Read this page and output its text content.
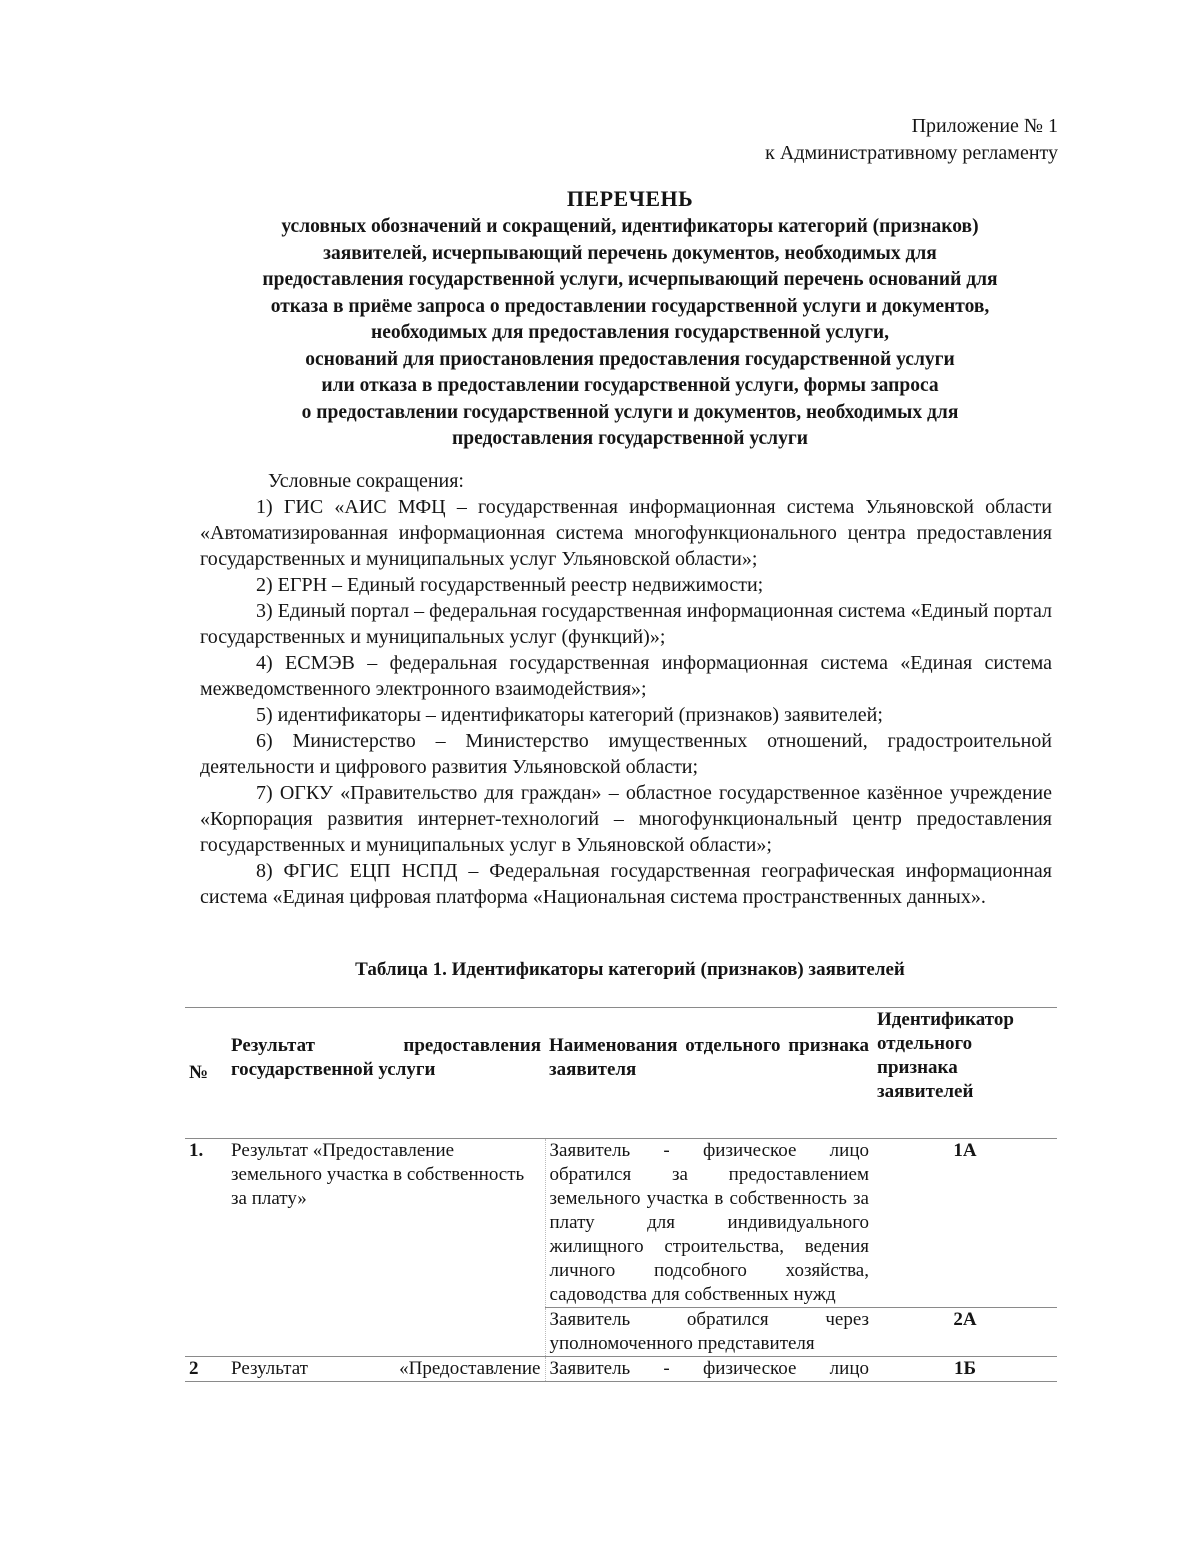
Приложение № 1
к Административному регламенту
ПЕРЕЧЕНЬ
условных обозначений и сокращений, идентификаторы категорий (признаков)
заявителей, исчерпывающий перечень документов, необходимых для
предоставления государственной услуги, исчерпывающий перечень оснований для
отказа в приёме запроса о предоставлении государственной услуги и документов,
необходимых для предоставления государственной услуги,
оснований для приостановления предоставления государственной услуги
или отказа в предоставлении государственной услуги, формы запроса
о предоставлении государственной услуги и документов, необходимых для
предоставления государственной услуги
Условные сокращения:
1) ГИС «АИС МФЦ – государственная информационная система Ульяновской области «Автоматизированная информационная система многофункционального центра предоставления государственных и муниципальных услуг Ульяновской области»;
2) ЕГРН – Единый государственный реестр недвижимости;
3) Единый портал – федеральная государственная информационная система «Единый портал государственных и муниципальных услуг (функций)»;
4) ЕСМЭВ – федеральная государственная информационная система «Единая система межведомственного электронного взаимодействия»;
5) идентификаторы – идентификаторы категорий (признаков) заявителей;
6) Министерство – Министерство имущественных отношений, градостроительной деятельности и цифрового развития Ульяновской области;
7) ОГКУ «Правительство для граждан» – областное государственное казённое учреждение «Корпорация развития интернет-технологий – многофункциональный центр предоставления государственных и муниципальных услуг в Ульяновской области»;
8) ФГИС ЕЦП НСПД – Федеральная государственная географическая информационная система «Единая цифровая платформа «Национальная система пространственных данных».
Таблица 1. Идентификаторы категорий (признаков) заявителей
№	Результат предоставления государственной услуги	Наименования отдельного признака заявителя	Идентификатор отдельного признака заявителей
1.	Результат «Предоставление земельного участка в собственность за плату»	Заявитель - физическое лицо обратился за предоставлением земельного участка в собственность за плату для индивидуального жилищного строительства, ведения личного подсобного хозяйства, садоводства для собственных нужд	1А
		Заявитель обратился через уполномоченного представителя	2А
2	Результат «Предоставление	Заявитель - физическое лицо	1Б
